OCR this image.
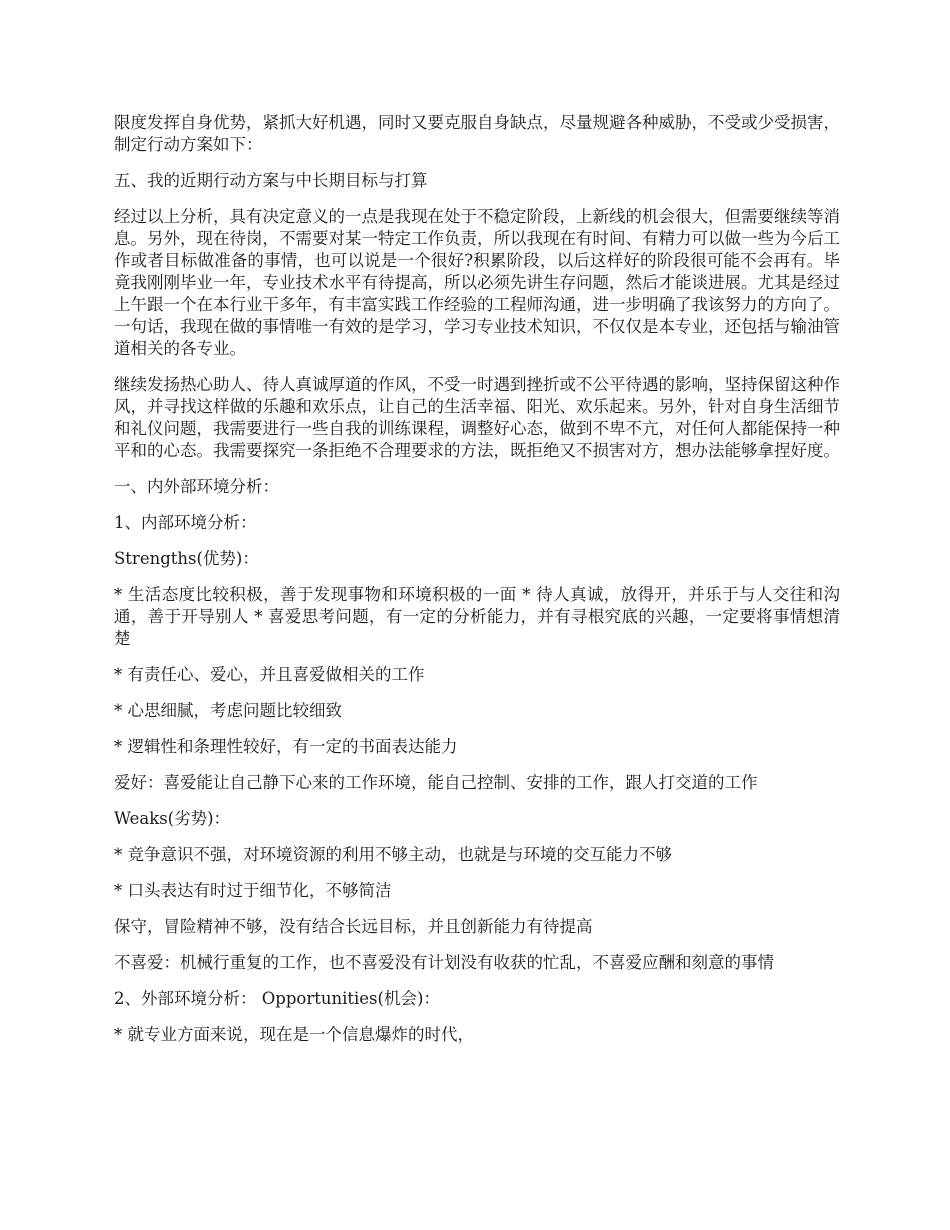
限度发挥自身优势，紧抓大好机遇，同时又要克服自身缺点，尽量规避各种威胁，不受或少受损害，制定行动方案如下：

五、我的近期行动方案与中长期目标与打算

经过以上分析，具有决定意义的一点是我现在处于不稳定阶段，上新线的机会很大，但需要继续等消息。另外，现在待岗，不需要对某一特定工作负责，所以我现在有时间、有精力可以做一些为今后工作或者目标做准备的事情，也可以说是一个很好?积累阶段，以后这样好的阶段很可能不会再有。毕竟我刚刚毕业一年，专业技术水平有待提高，所以必须先讲生存问题，然后才能谈进展。尤其是经过上午跟一个在本行业干多年，有丰富实践工作经验的工程师沟通，进一步明确了我该努力的方向了。一句话，我现在做的事情唯一有效的是学习，学习专业技术知识，不仅仅是本专业，还包括与输油管道相关的各专业。

继续发扬热心助人、待人真诚厚道的作风，不受一时遇到挫折或不公平待遇的影响，坚持保留这种作风，并寻找这样做的乐趣和欢乐点，让自己的生活幸福、阳光、欢乐起来。另外，针对自身生活细节和礼仪问题，我需要进行一些自我的训练课程，调整好心态，做到不卑不亢，对任何人都能保持一种平和的心态。我需要探究一条拒绝不合理要求的方法，既拒绝又不损害对方，想办法能够拿捏好度。

一、内外部环境分析：

1、内部环境分析：

Strengths(优势)：

* 生活态度比较积极，善于发现事物和环境积极的一面 * 待人真诚，放得开，并乐于与人交往和沟通，善于开导别人 * 喜爱思考问题，有一定的分析能力，并有寻根究底的兴趣，一定要将事情想清楚

* 有责任心、爱心，并且喜爱做相关的工作

* 心思细腻，考虑问题比较细致

* 逻辑性和条理性较好，有一定的书面表达能力

爱好：喜爱能让自己静下心来的工作环境，能自己控制、安排的工作，跟人打交道的工作

Weaks(劣势)：

* 竞争意识不强，对环境资源的利用不够主动，也就是与环境的交互能力不够

* 口头表达有时过于细节化，不够简洁

保守，冒险精神不够，没有结合长远目标，并且创新能力有待提高

不喜爱：机械行重复的工作，也不喜爱没有计划没有收获的忙乱，不喜爱应酬和刻意的事情

2、外部环境分析： Opportunities(机会)：

* 就专业方面来说，现在是一个信息爆炸的时代，
